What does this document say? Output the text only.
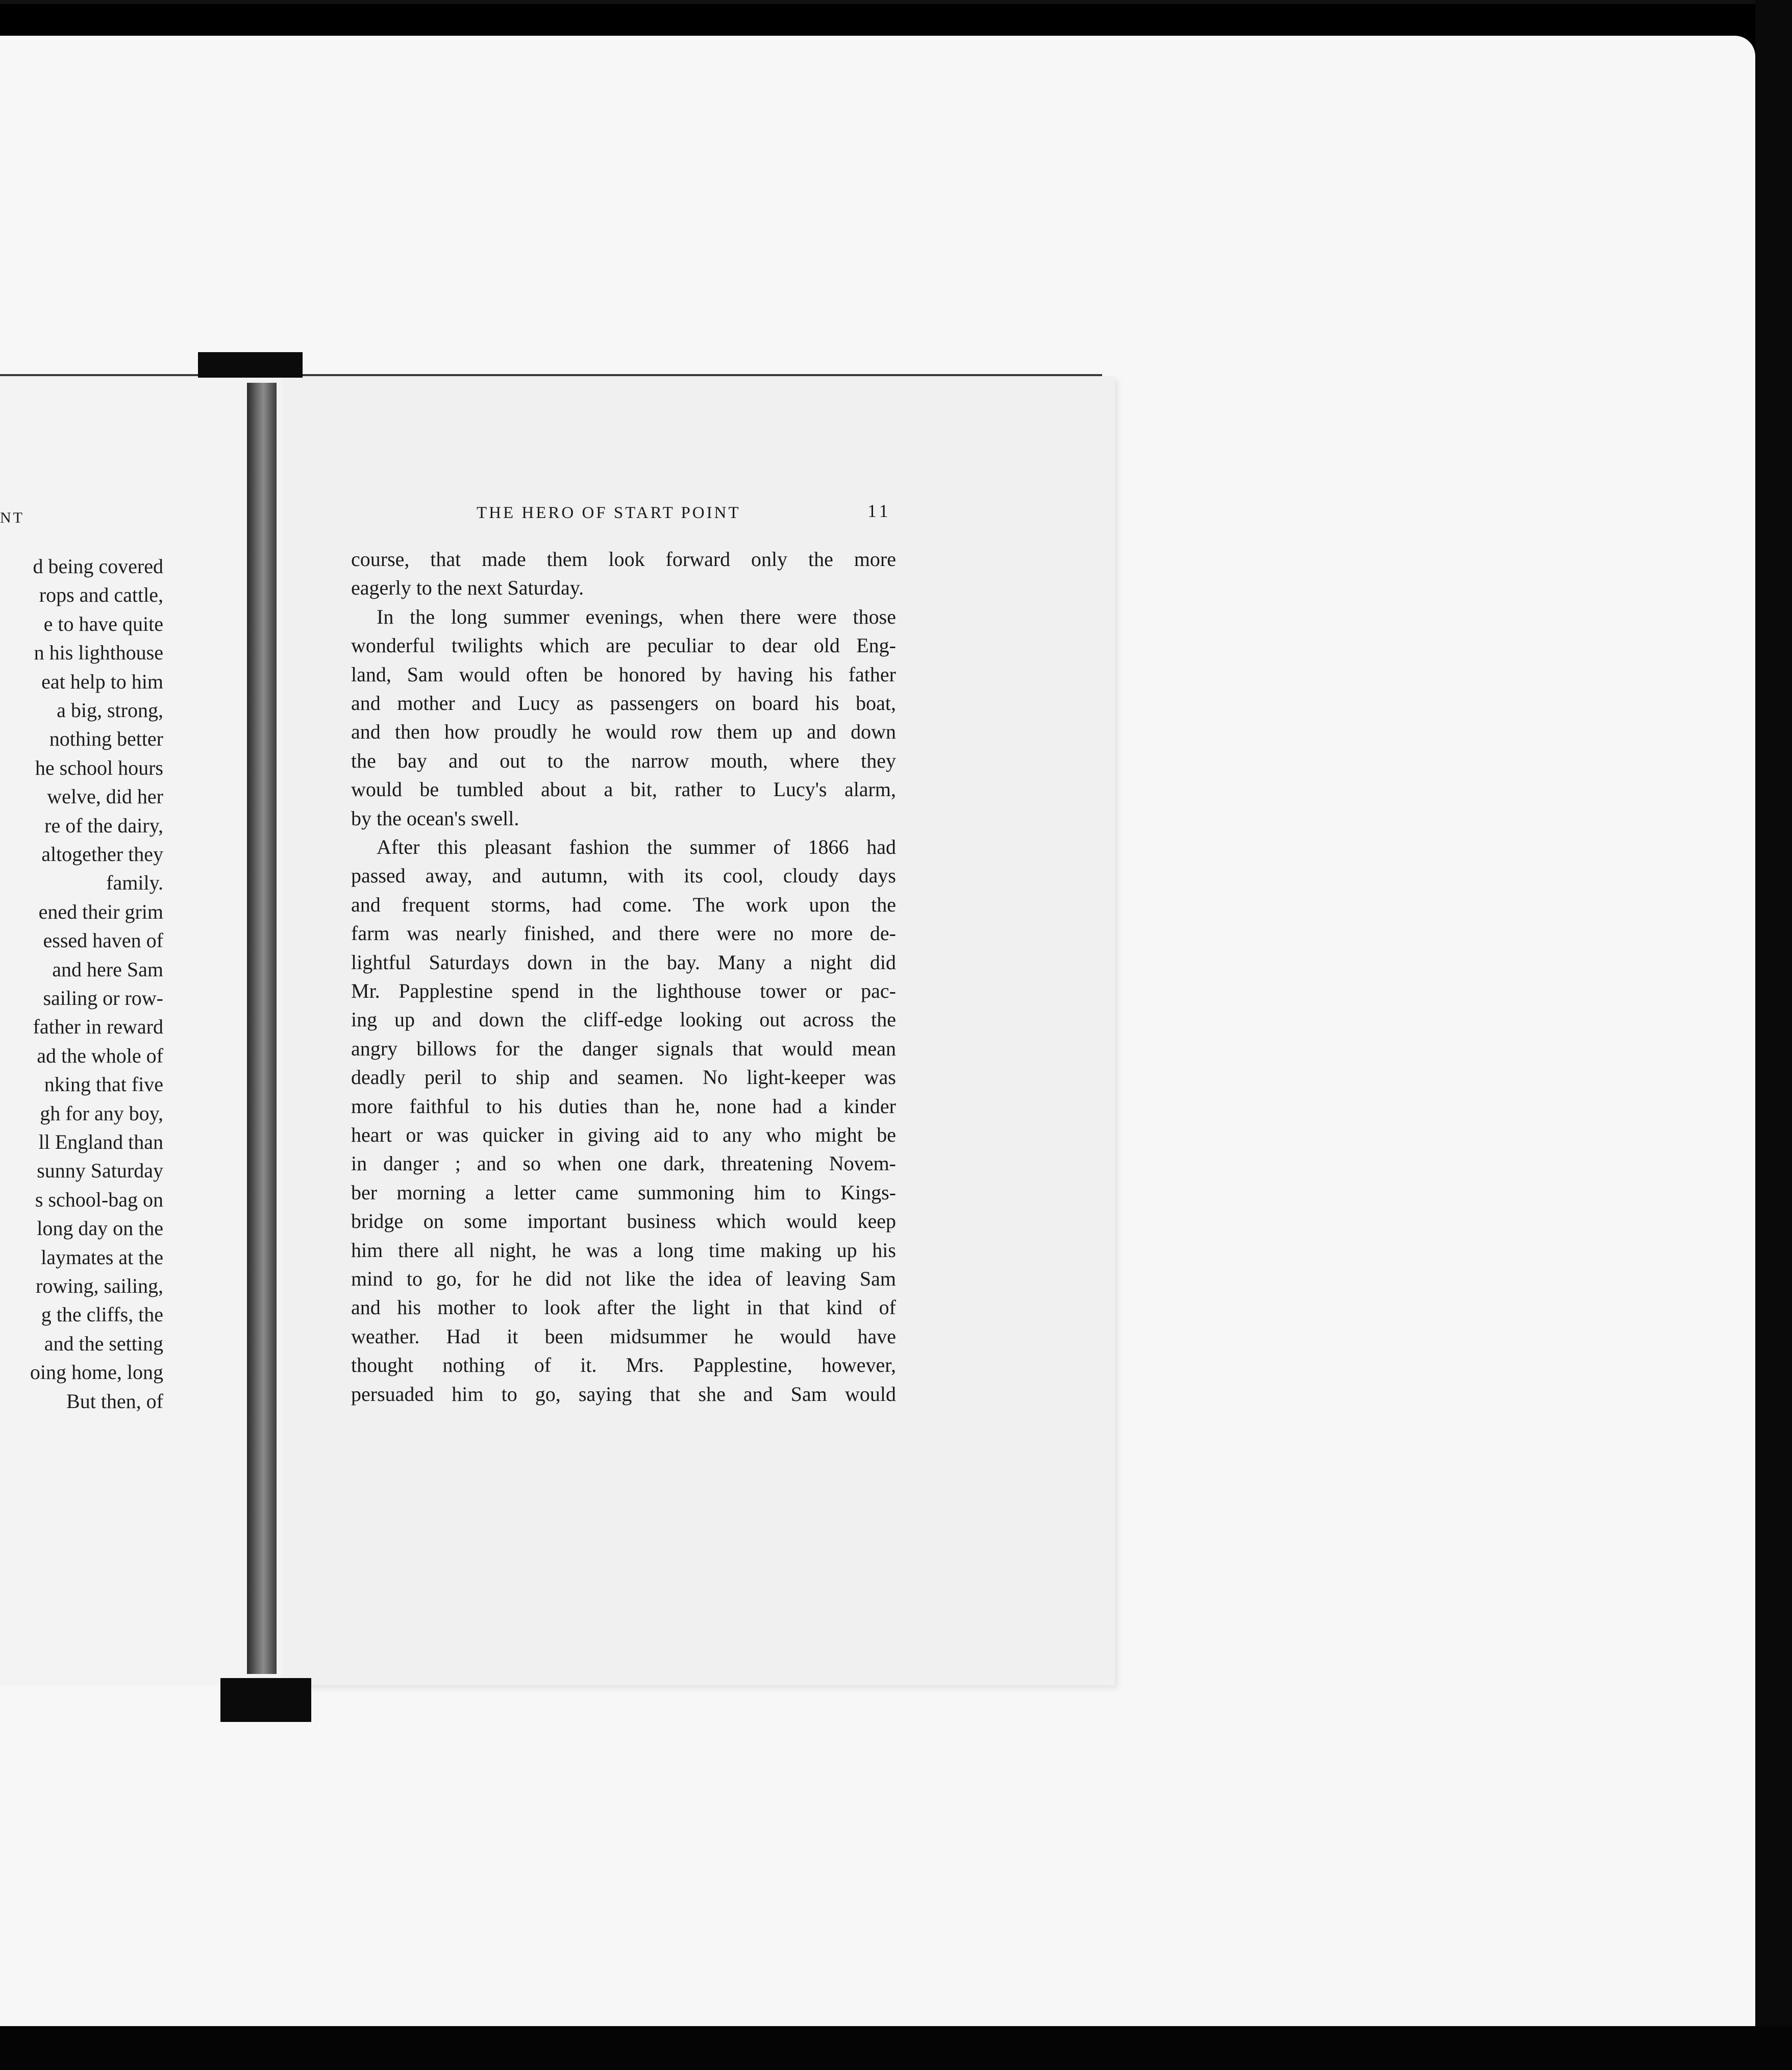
NT
d being covered
rops and cattle,
e to have quite
n his lighthouse
eat help to him
a big, strong,
nothing better
he school hours
welve, did her
re of the dairy,
altogether they
family.
ened their grim
essed haven of
and here Sam
sailing or row-
father in reward
ad the whole of
nking that five
gh for any boy,
ll England than
sunny Saturday
s school-bag on
long day on the
laymates at the
rowing, sailing,
g the cliffs, the
and the setting
oing home, long
But then, of
THE HERO OF START POINT	11
course, that made them look forward only the more
eagerly to the next Saturday.
In the long summer evenings, when there were those
wonderful twilights which are peculiar to dear old Eng-
land, Sam would often be honored by having his father
and mother and Lucy as passengers on board his boat,
and then how proudly he would row them up and down
the bay and out to the narrow mouth, where they
would be tumbled about a bit, rather to Lucy's alarm,
by the ocean's swell.
After this pleasant fashion the summer of 1866 had
passed away, and autumn, with its cool, cloudy days
and frequent storms, had come. The work upon the
farm was nearly finished, and there were no more de-
lightful Saturdays down in the bay. Many a night did
Mr. Papplestine spend in the lighthouse tower or pac-
ing up and down the cliff-edge looking out across the
angry billows for the danger signals that would mean
deadly peril to ship and seamen. No light-keeper was
more faithful to his duties than he, none had a kinder
heart or was quicker in giving aid to any who might be
in danger ; and so when one dark, threatening Novem-
ber morning a letter came summoning him to Kings-
bridge on some important business which would keep
him there all night, he was a long time making up his
mind to go, for he did not like the idea of leaving Sam
and his mother to look after the light in that kind of
weather. Had it been midsummer he would have
thought nothing of it. Mrs. Papplestine, however,
persuaded him to go, saying that she and Sam would
